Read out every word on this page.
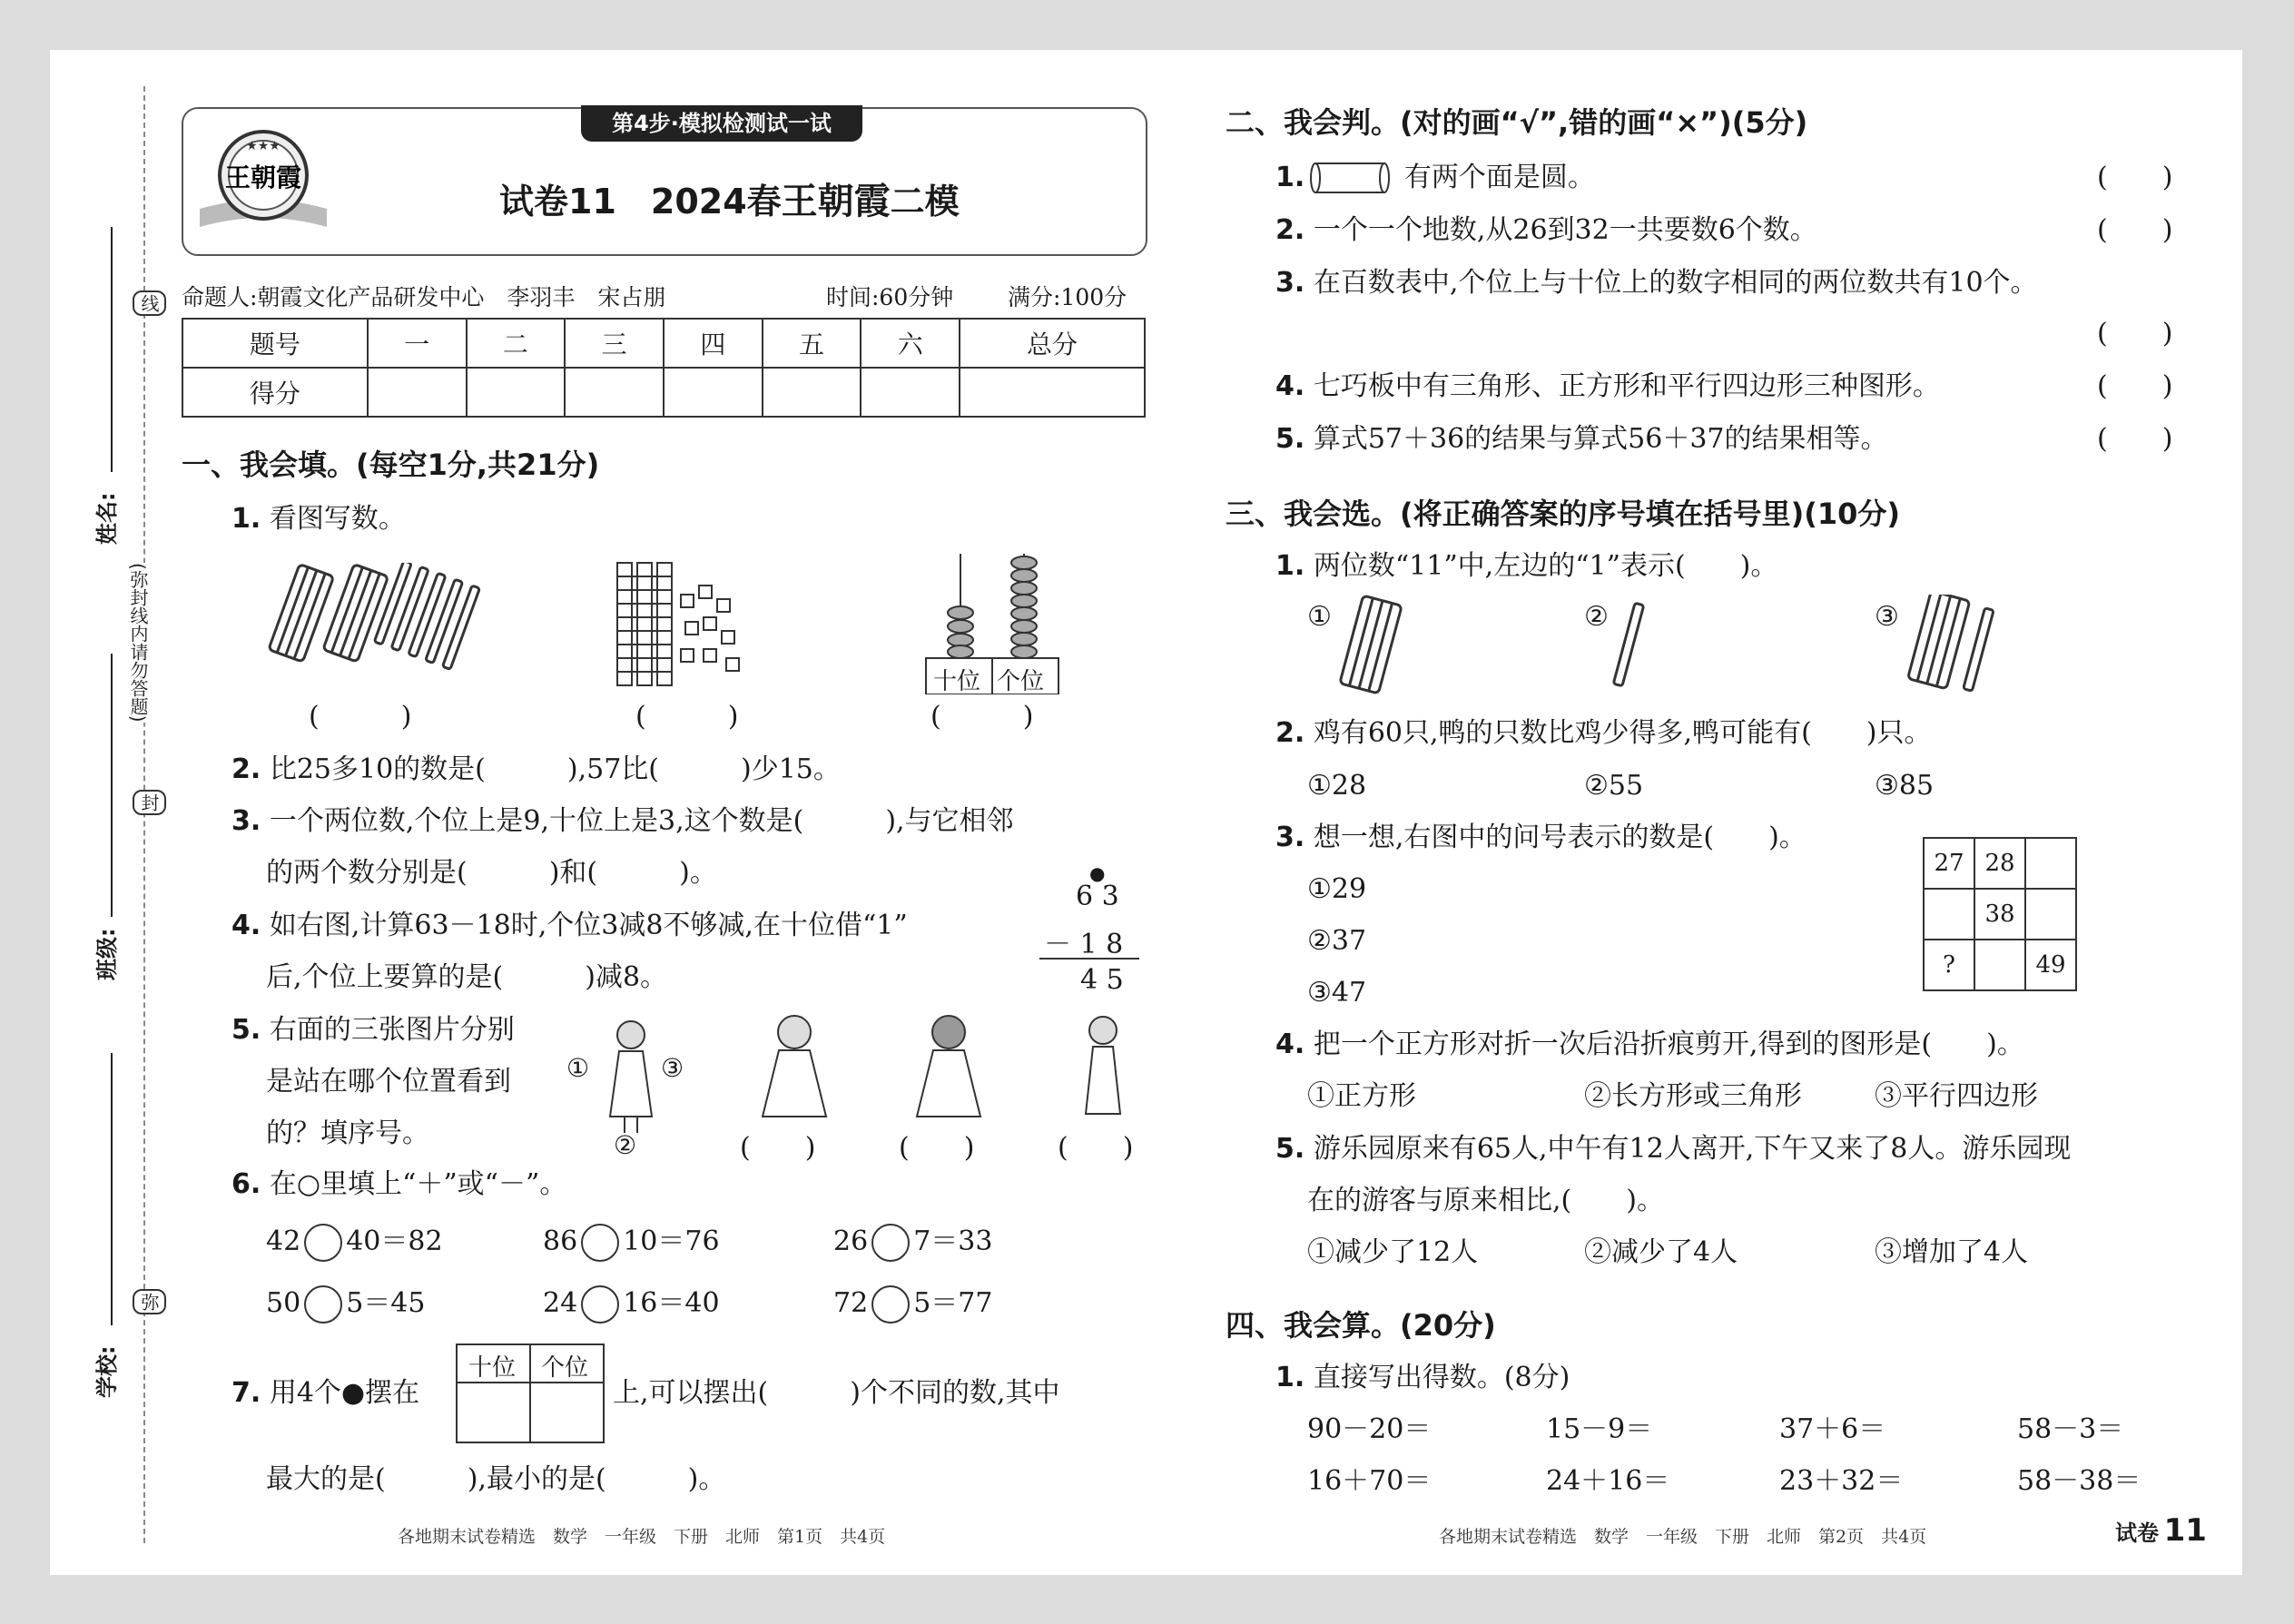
姓名:
班级:
学校:
线
封
弥
(弥封线内请勿答题)
第4步·模拟检测试一试
★★★
王朝霞
试卷11　2024春王朝霞二模
命题人:朝霞文化产品研发中心　李羽丰　宋占朋	时间:60分钟 满分:100分
题号	一	二	三	四	五	六	总分
得分							
一、我会填。(每空1分,共21分)
1. 看图写数。
十位 个位
(　　　)	(　　　)	(　　　)
2. 比25多10的数是(　　　),57比(　　　)少15。
3. 一个两位数,个位上是9,十位上是3,这个数是(　　　),与它相邻
的两个数分别是(　　　)和(　　　)。
4. 如右图,计算63－18时,个位3减8不够减,在十位借“1”
后,个位上要算的是(　　　)减8。
●
6 3
－ 1 8
4 5
5. 右面的三张图片分别
是站在哪个位置看到
的？填序号。
①	③
②	(　　)	(　　)	(　　)
6. 在○里填上“＋”或“－”。
42 40＝82	86 10＝76	26 7＝33
50 5＝45	24 16＝40	72 5＝77
7. 用4个●摆在
十位 个位
上,可以摆出(　　　)个不同的数,其中
最大的是(　　　),最小的是(　　　)。
二、我会判。(对的画“√”,错的画“×”)(5分)
1.	有两个面是圆。	(　　)
2. 一个一个地数,从26到32一共要数6个数。	(　　)
3. 在百数表中,个位上与十位上的数字相同的两位数共有10个。
(　　)
4. 七巧板中有三角形、正方形和平行四边形三种图形。	(　　)
5. 算式57＋36的结果与算式56＋37的结果相等。	(　　)
三、我会选。(将正确答案的序号填在括号里)(10分)
1. 两位数“11”中,左边的“1”表示(　　)。
①	②	③
2. 鸡有60只,鸭的只数比鸡少得多,鸭可能有(　　)只。
①28	②55	③85
3. 想一想,右图中的问号表示的数是(　　)。
①29
②37
③47
27	28	
	38	
?		49
4. 把一个正方形对折一次后沿折痕剪开,得到的图形是(　　)。
①正方形	②长方形或三角形	③平行四边形
5. 游乐园原来有65人,中午有12人离开,下午又来了8人。游乐园现
在的游客与原来相比,(　　)。
①减少了12人	②减少了4人	③增加了4人
四、我会算。(20分)
1. 直接写出得数。(8分)
90－20＝	15－9＝	37＋6＝	58－3＝
16＋70＝	24＋16＝	23＋32＝	58－38＝
各地期末试卷精选　数学　一年级　下册　北师　第1页　共4页	各地期末试卷精选　数学　一年级　下册　北师　第2页　共4页	试卷 11
